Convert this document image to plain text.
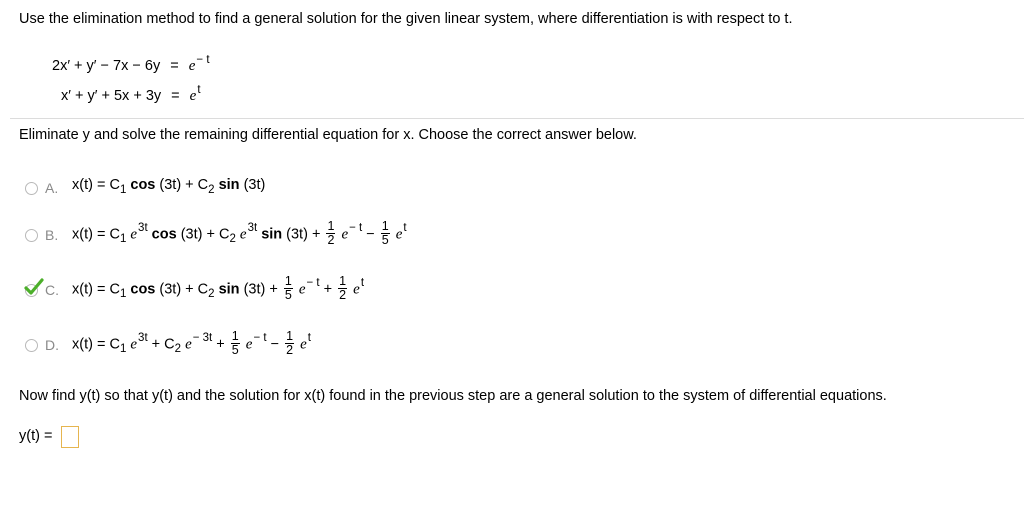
Use the elimination method to find a general solution for the given linear system, where differentiation is with respect to t.
$2x' + y' - 7x - 6y = e^{- t}$
$x' + y' + 5x + 3y = e^t$
Eliminate y and solve the remaining differential equation for x. Choose the correct answer below.
A. $x(t) = C_1$ $\cos (3t) + C_2$ sin (3t)
B. $x(t) = C_1$ $e^{3t}$ $\cos (3t) + C_2$ $e^{3t}$ $\sin (3t) + \frac{1}{2} e^{- t} - \frac{1}{5} e^t$
C. $x(t) = C_1$ $\cos (3t) + C_2$ $\sin (3t) + \frac{1}{5} e^{- t} + \frac{1}{2} e^t$
D. $x(t) = C_1$ $e^{3t} + C_2$ $e^{- 3t} + \frac{1}{5} e^{- t} - \frac{1}{2} e^t$
Now find y(t) so that y(t) and the solution for x(t) found in the previous step are a general solution to the system of differential equations.
y(t) =
